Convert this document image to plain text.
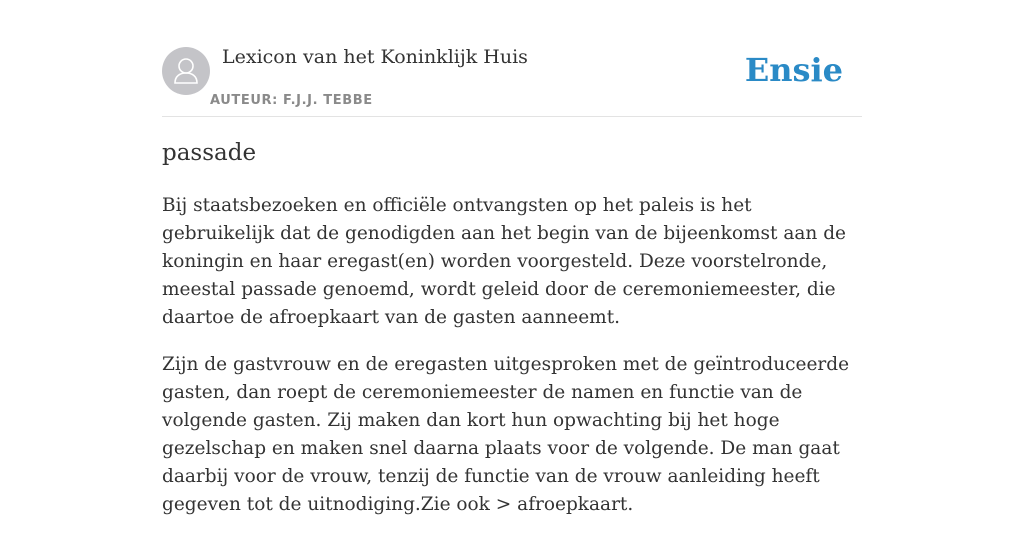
Lexicon van het Koninklijk Huis
AUTEUR: F.J.J. TEBBE
Ensie
passade

Bij staatsbezoeken en officiële ontvangsten op het paleis is het gebruikelijk dat de genodigden aan het begin van de bijeenkomst aan de koningin en haar eregast(en) worden voorgesteld. Deze voorstelronde, meestal passade genoemd, wordt geleid door de ceremoniemeester, die daartoe de afroepkaart van de gasten aanneemt.

Zijn de gastvrouw en de eregasten uitgesproken met de geïntroduceerde gasten, dan roept de ceremoniemeester de namen en functie van de volgende gasten. Zij maken dan kort hun opwachting bij het hoge gezelschap en maken snel daarna plaats voor de volgende. De man gaat daarbij voor de vrouw, tenzij de functie van de vrouw aanleiding heeft gegeven tot de uitnodiging.Zie ook > afroepkaart.
